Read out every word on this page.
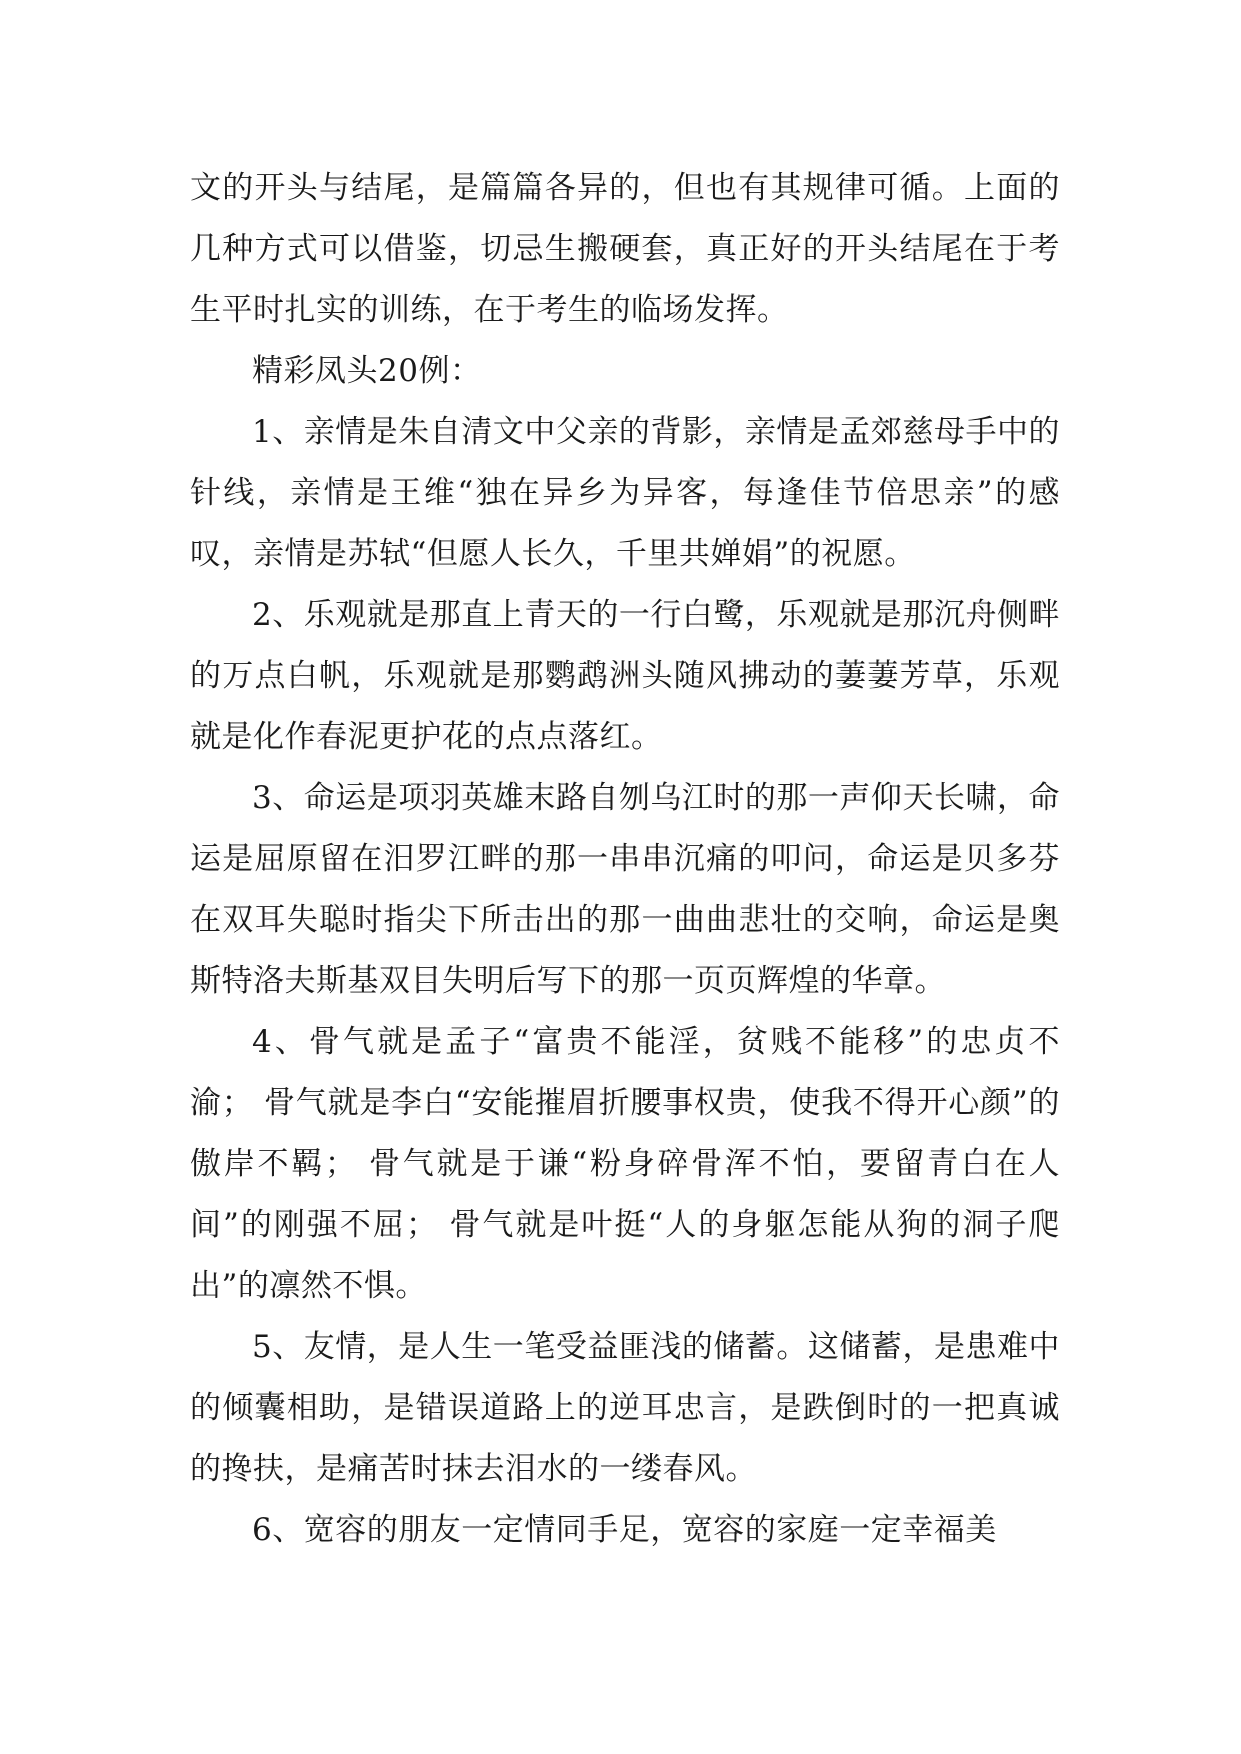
文的开头与结尾，是篇篇各异的，但也有其规律可循。上面的几种方式可以借鉴，切忌生搬硬套，真正好的开头结尾在于考生平时扎实的训练，在于考生的临场发挥。

精彩凤头20例：

1、亲情是朱自清文中父亲的背影，亲情是孟郊慈母手中的针线，亲情是王维“独在异乡为异客，每逢佳节倍思亲”的感叹，亲情是苏轼“但愿人长久，千里共婵娟”的祝愿。

2、乐观就是那直上青天的一行白鹭，乐观就是那沉舟侧畔的万点白帆，乐观就是那鹦鹉洲头随风拂动的萋萋芳草，乐观就是化作春泥更护花的点点落红。

3、命运是项羽英雄末路自刎乌江时的那一声仰天长啸，命运是屈原留在汨罗江畔的那一串串沉痛的叩问，命运是贝多芬在双耳失聪时指尖下所击出的那一曲曲悲壮的交响，命运是奥斯特洛夫斯基双目失明后写下的那一页页辉煌的华章。

4、骨气就是孟子“富贵不能淫，贫贱不能移”的忠贞不渝； 骨气就是李白“安能摧眉折腰事权贵，使我不得开心颜”的傲岸不羁； 骨气就是于谦“粉身碎骨浑不怕，要留青白在人间”的刚强不屈； 骨气就是叶挺“人的身躯怎能从狗的洞子爬出”的凛然不惧。

5、友情，是人生一笔受益匪浅的储蓄。这储蓄，是患难中的倾囊相助，是错误道路上的逆耳忠言，是跌倒时的一把真诚的搀扶，是痛苦时抹去泪水的一缕春风。

6、宽容的朋友一定情同手足，宽容的家庭一定幸福美
